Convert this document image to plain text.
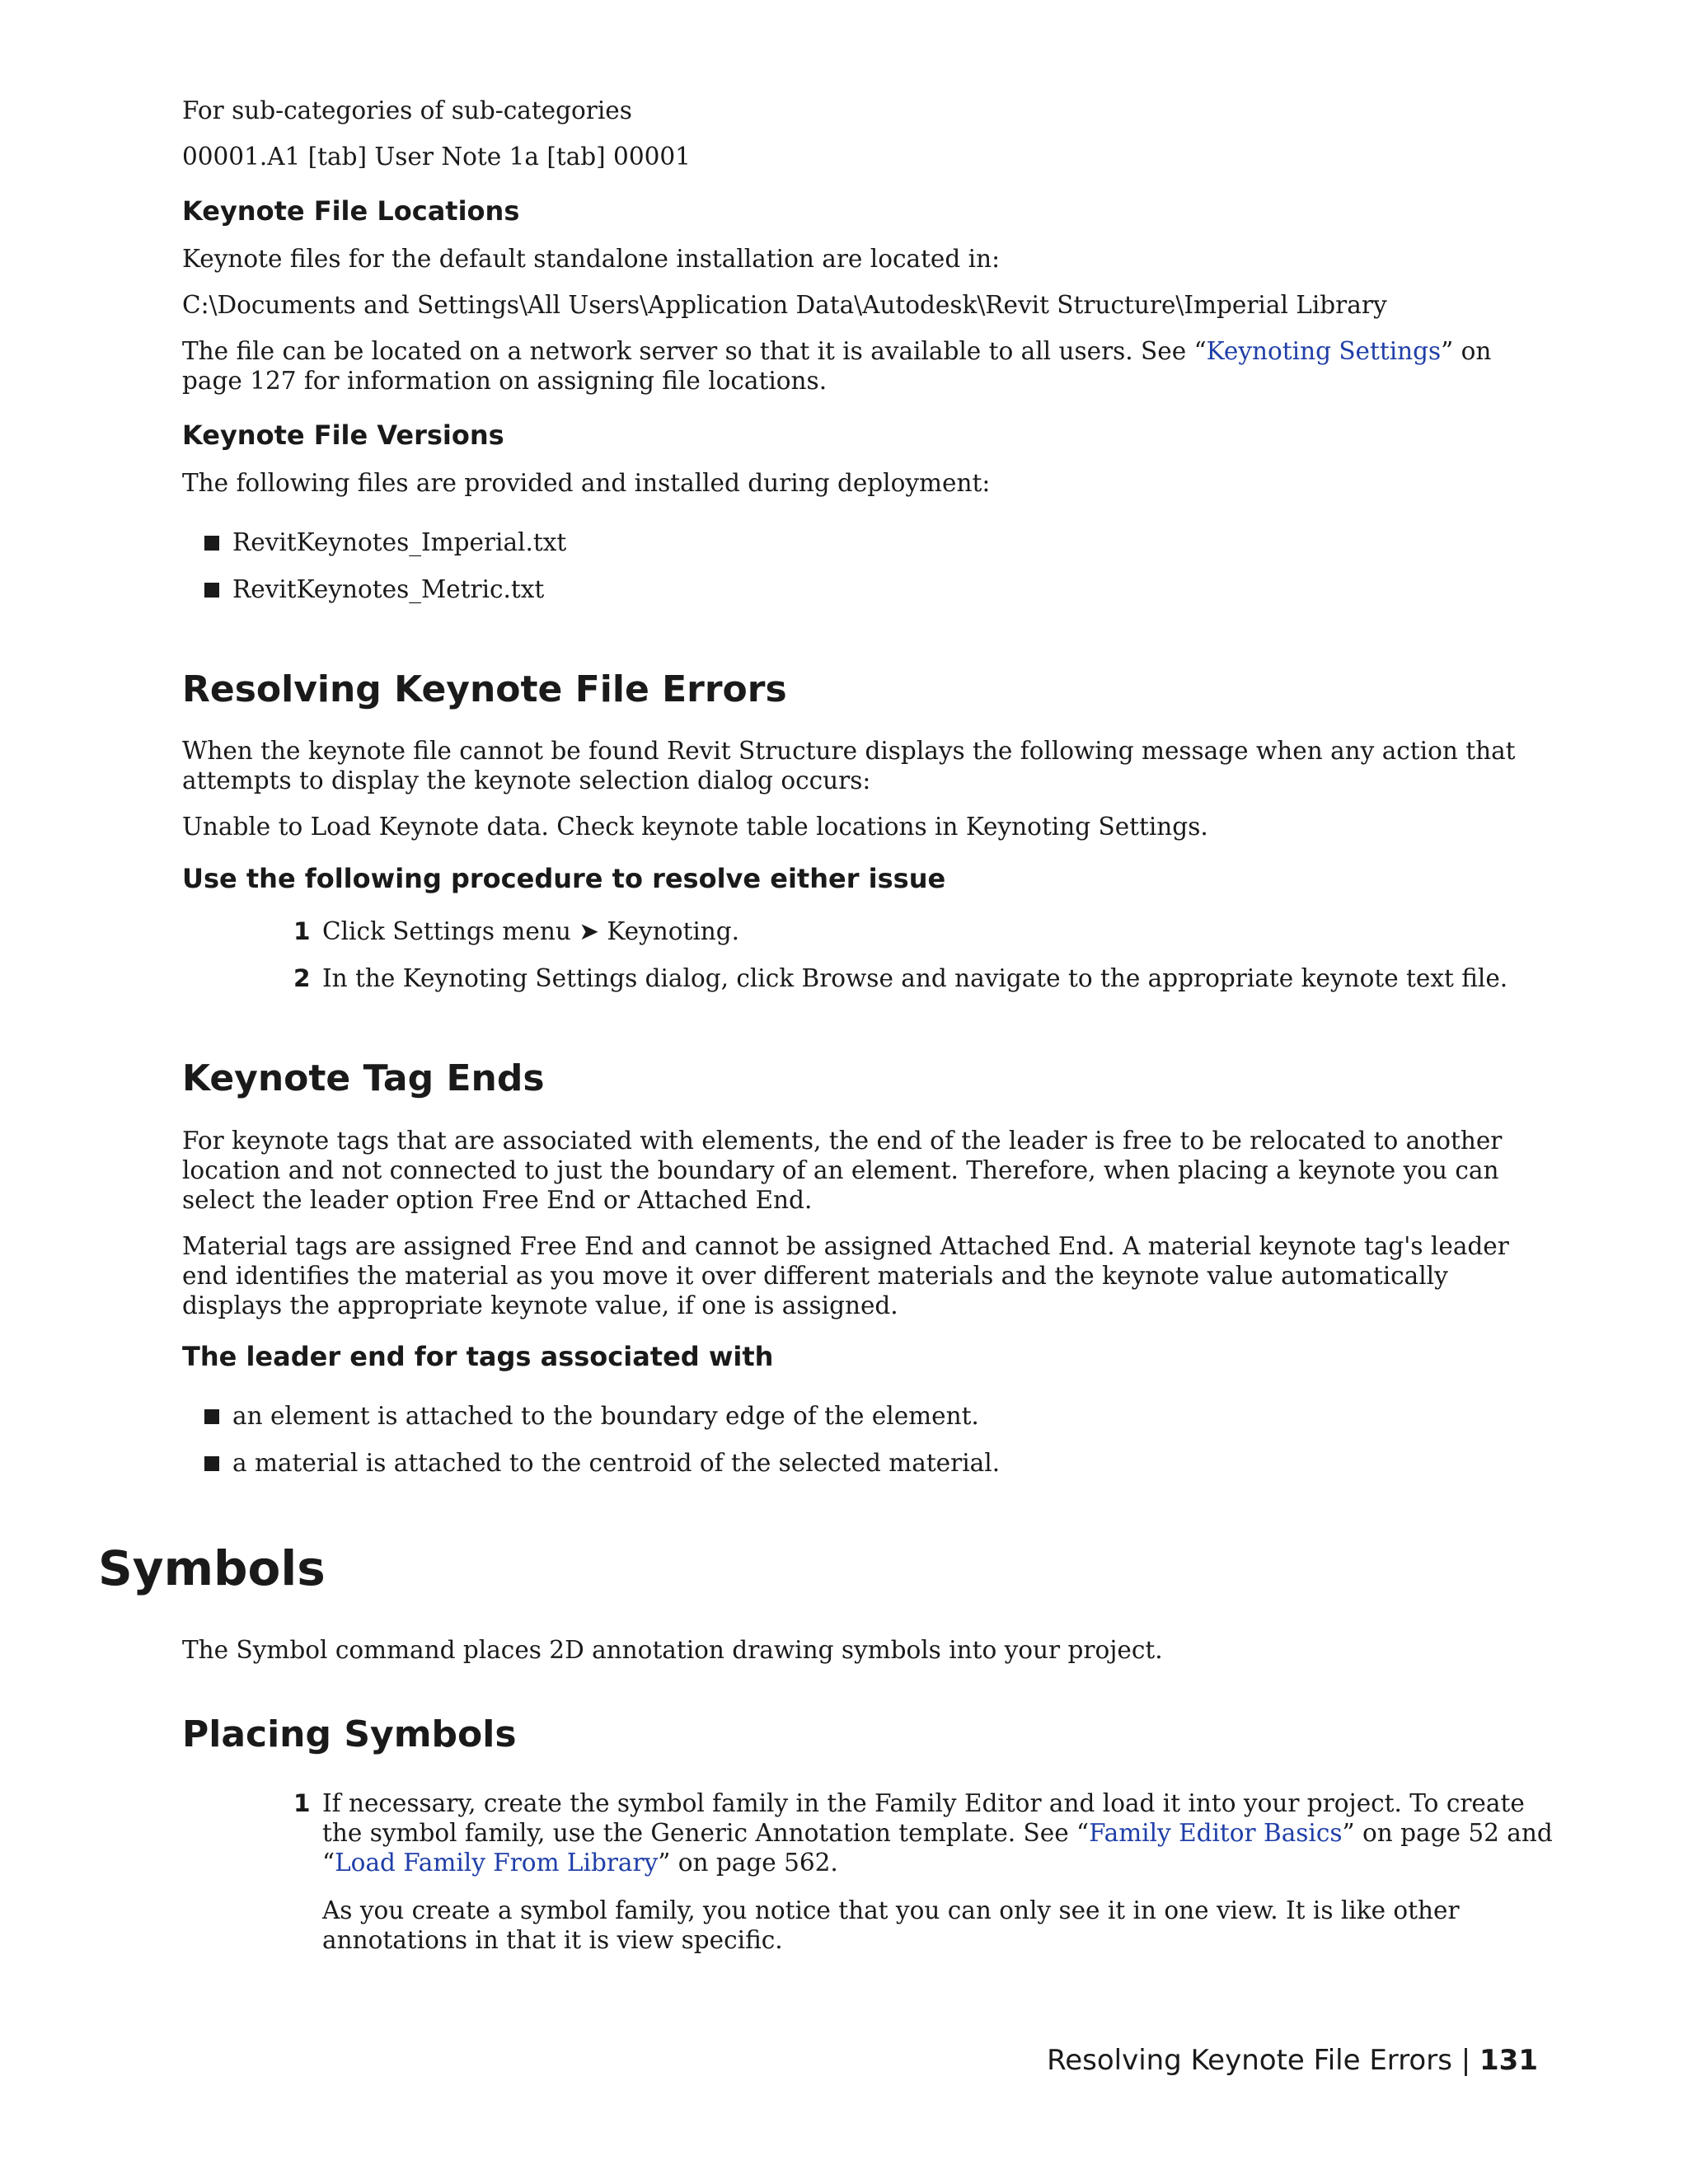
For sub-categories of sub-categories

00001.A1 [tab] User Note 1a [tab] 00001

Keynote File Locations

Keynote files for the default standalone installation are located in:

C:\Documents and Settings\All Users\Application Data\Autodesk\Revit Structure\Imperial Library

The file can be located on a network server so that it is available to all users. See “Keynoting Settings” on page 127 for information on assigning file locations.

Keynote File Versions

The following files are provided and installed during deployment:

RevitKeynotes_Imperial.txt
RevitKeynotes_Metric.txt
Resolving Keynote File Errors

When the keynote file cannot be found Revit Structure displays the following message when any action that attempts to display the keynote selection dialog occurs:

Unable to Load Keynote data. Check keynote table locations in Keynoting Settings.

Use the following procedure to resolve either issue
1 Click Settings menu ➤ Keynoting.
2 In the Keynoting Settings dialog, click Browse and navigate to the appropriate keynote text file.
Keynote Tag Ends

For keynote tags that are associated with elements, the end of the leader is free to be relocated to another location and not connected to just the boundary of an element. Therefore, when placing a keynote you can select the leader option Free End or Attached End.

Material tags are assigned Free End and cannot be assigned Attached End. A material keynote tag's leader end identifies the material as you move it over different materials and the keynote value automatically displays the appropriate keynote value, if one is assigned.

The leader end for tags associated with
an element is attached to the boundary edge of the element.
a material is attached to the centroid of the selected material.
Symbols

The Symbol command places 2D annotation drawing symbols into your project.

Placing Symbols
1 If necessary, create the symbol family in the Family Editor and load it into your project. To create the symbol family, use the Generic Annotation template. See “Family Editor Basics” on page 52 and “Load Family From Library” on page 562.

As you create a symbol family, you notice that you can only see it in one view. It is like other annotations in that it is view specific.

Resolving Keynote File Errors | 131
